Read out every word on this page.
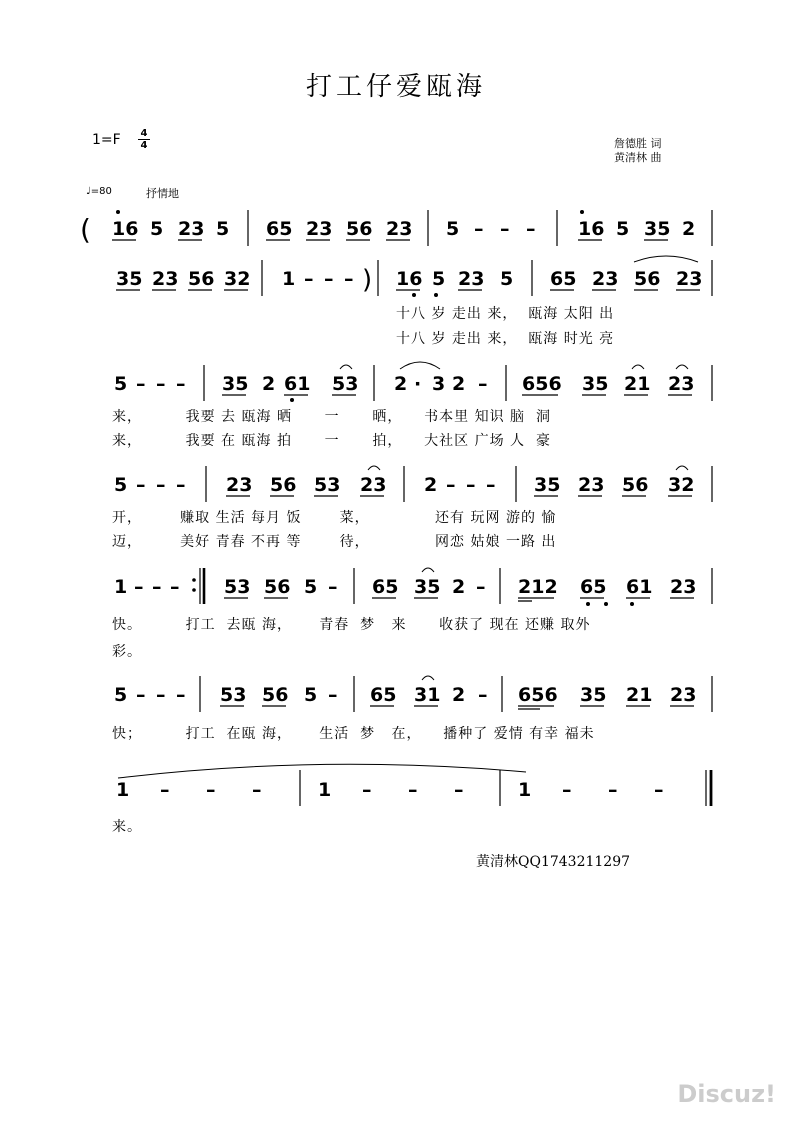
打工仔爱瓯海
1=F 4
4	詹德胜 词
黄清林 曲
♩=80	抒情地
( 16 5 23 5 65 23 56 23 5 – – – 16 5 35 2
)
35 23 56 32 1 – – – 16 5 23 5 65 23 56 23
十八 岁 走出 来，  瓯海 太阳 出
十八 岁 走出 来，  瓯海 时光 亮
5 – – – 35 2 61 53 2 · 3 2 – 656 35 21 23
来，        我要 去 瓯海 晒      一      晒，    书本里 知识 脑  洞
来，        我要 在 瓯海 拍      一      拍，    大社区 广场 人  豪
5 – – – 23 56 53 23 2 – – – 35 23 56 32
开，       赚取 生活 每月 饭       菜，            还有 玩网 游的 愉
迈，       美好 青春 不再 等       待，            网恋 姑娘 一路 出
1 – – – 53 56 5 – 65 35 2 – 212 65 61 23
快。        打工  去瓯 海，     青春  梦   来      收获了 现在 还赚 取外
彩。
5 – – – 53 56 5 – 65 31 2 – 656 35 21 23
快；        打工  在瓯 海，     生活  梦   在，    播种了 爱情 有幸 福未
1 – – –	1 – – –	1 – – –
来。
黄清林QQ1743211297
Discuz!
